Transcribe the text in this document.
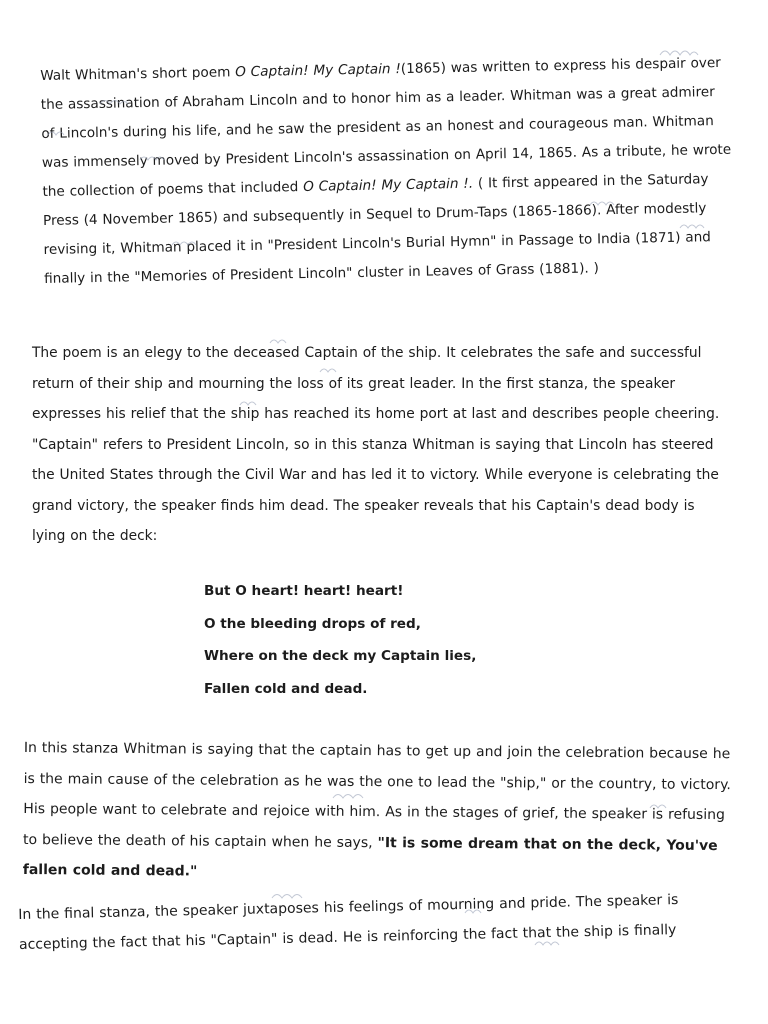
Walt Whitman's short poem O Captain! My Captain !(1865) was written to express his despair over the assassination of Abraham Lincoln and to honor him as a leader. Whitman was a great admirer of Lincoln's during his life, and he saw the president as an honest and courageous man. Whitman was immensely moved by President Lincoln's assassination on April 14, 1865. As a tribute, he wrote the collection of poems that included O Captain! My Captain !. ( It first appeared in the Saturday Press (4 November 1865) and subsequently in Sequel to Drum-Taps (1865-1866). After modestly revising it, Whitman placed it in "President Lincoln's Burial Hymn" in Passage to India (1871) and finally in the "Memories of President Lincoln" cluster in Leaves of Grass (1881). )

The poem is an elegy to the deceased Captain of the ship. It celebrates the safe and successful return of their ship and mourning the loss of its great leader. In the first stanza, the speaker expresses his relief that the ship has reached its home port at last and describes people cheering. "Captain" refers to President Lincoln, so in this stanza Whitman is saying that Lincoln has steered the United States through the Civil War and has led it to victory. While everyone is celebrating the grand victory, the speaker finds him dead. The speaker reveals that his Captain's dead body is lying on the deck:

But O heart! heart! heart!
O the bleeding drops of red,
Where on the deck my Captain lies,
Fallen cold and dead.

In this stanza Whitman is saying that the captain has to get up and join the celebration because he is the main cause of the celebration as he was the one to lead the "ship," or the country, to victory. His people want to celebrate and rejoice with him. As in the stages of grief, the speaker is refusing to believe the death of his captain when he says, "It is some dream that on the deck, You've fallen cold and dead."

In the final stanza, the speaker juxtaposes his feelings of mourning and pride. The speaker is accepting the fact that his "Captain" is dead. He is reinforcing the fact that the ship is finally
